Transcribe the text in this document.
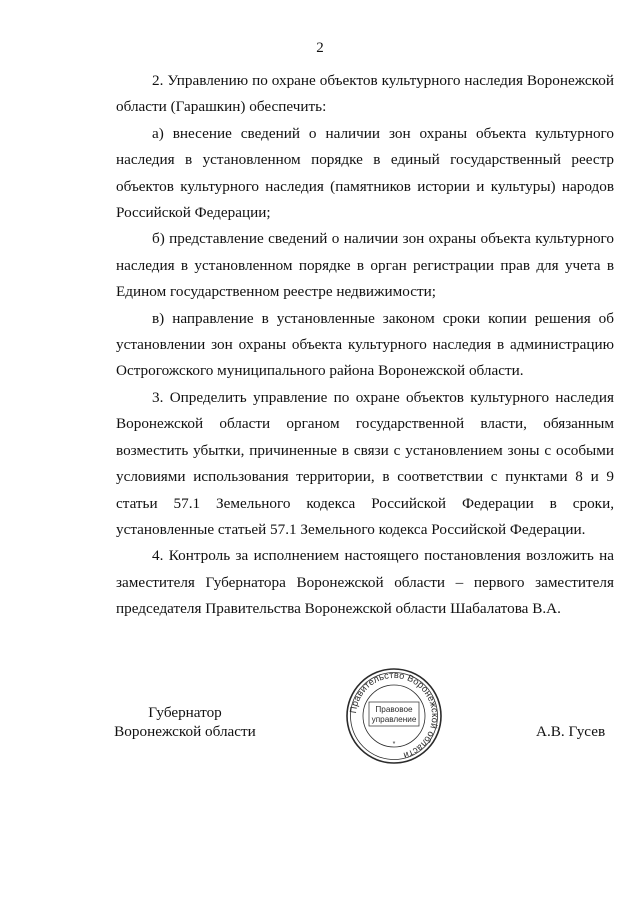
2

2. Управлению по охране объектов культурного наследия Воронежской области (Гарашкин) обеспечить:

а) внесение сведений о наличии зон охраны объекта культурного наследия в установленном порядке в единый государственный реестр объектов культурного наследия (памятников истории и культуры) народов Российской Федерации;

б) представление сведений о наличии зон охраны объекта культурного наследия в установленном порядке в орган регистрации прав для учета в Едином государственном реестре недвижимости;

в) направление в установленные законом сроки копии решения об установлении зон охраны объекта культурного наследия в администрацию Острогожского муниципального района Воронежской области.

3. Определить управление по охране объектов культурного наследия Воронежской области органом государственной власти, обязанным возместить убытки, причиненные в связи с установлением зоны с особыми условиями использования территории, в соответствии с пунктами 8 и 9 статьи 57.1 Земельного кодекса Российской Федерации в сроки, установленные статьей 57.1 Земельного кодекса Российской Федерации.

4. Контроль за исполнением настоящего постановления возложить на заместителя Губернатора Воронежской области – первого заместителя председателя Правительства Воронежской области Шабалатова В.А.

Губернатор
Воронежской области	А.В. Гусев
Правительство Воронежской области
Правовое
управление
*
